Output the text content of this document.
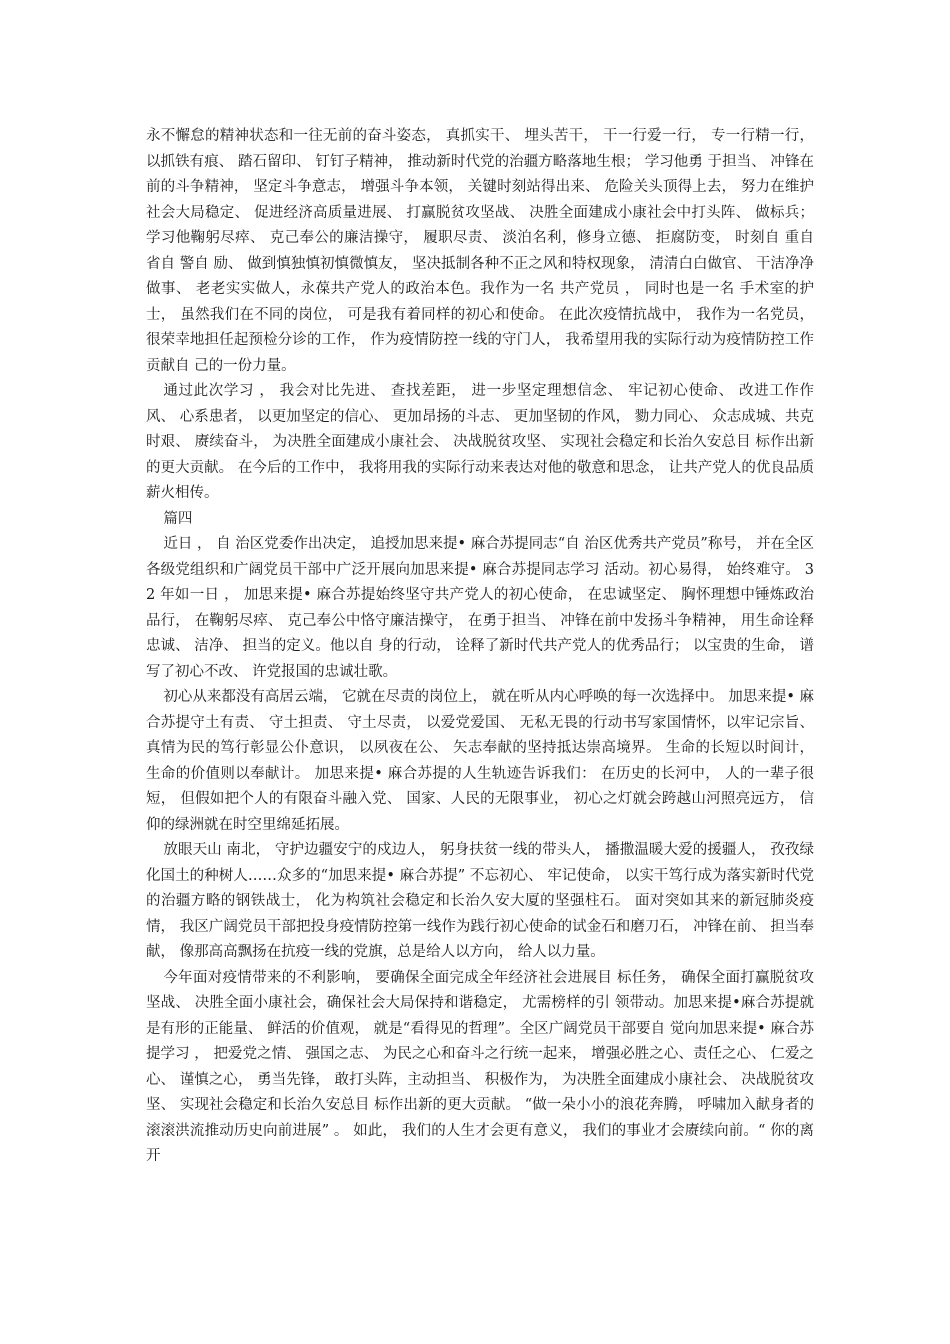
永不懈怠的精神状态和一往无前的奋斗姿态， 真抓实干、 埋头苦干， 干一行爱一行， 专一行精一行， 以抓铁有痕、 踏石留印、 钉钉子精神， 推动新时代党的治疆方略落地生根； 学习他勇 于担当、 冲锋在前的斗争精神， 坚定斗争意志， 增强斗争本领， 关键时刻站得出来、 危险关头顶得上去， 努力在维护社会大局稳定、 促进经济高质量进展、 打赢脱贫攻坚战、 决胜全面建成小康社会中打头阵、 做标兵；学习他鞠躬尽瘁、 克己奉公的廉洁操守， 履职尽责、 淡泊名利，修身立德、 拒腐防变， 时刻自 重自 省自 警自 励、 做到慎独慎初慎微慎友， 坚决抵制各种不正之风和特权现象， 清清白白做官、 干洁净净做事、 老老实实做人，永葆共产党人的政治本色。我作为一名 共产党员 ， 同时也是一名 手术室的护士， 虽然我们在不同的岗位， 可是我有着同样的初心和使命。 在此次疫情抗战中， 我作为一名党员， 很荣幸地担任起预检分诊的工作， 作为疫情防控一线的守门人， 我希望用我的实际行动为疫情防控工作贡献自 己的一份力量。

通过此次学习 ， 我会对比先进、 查找差距， 进一步坚定理想信念、 牢记初心使命、 改进工作作风、 心系患者， 以更加坚定的信心、 更加昂扬的斗志、 更加坚韧的作风， 勠力同心、 众志成城、共克时艰、 赓续奋斗， 为决胜全面建成小康社会、 决战脱贫攻坚、 实现社会稳定和长治久安总目 标作出新的更大贡献。 在今后的工作中， 我将用我的实际行动来表达对他的敬意和思念， 让共产党人的优良品质薪火相传。

篇四

近日 ， 自 治区党委作出决定， 追授加思来提• 麻合苏提同志“自 治区优秀共产党员”称号， 并在全区各级党组织和广阔党员干部中广泛开展向加思来提• 麻合苏提同志学习 活动。初心易得， 始终难守。 32 年如一日 ， 加思来提• 麻合苏提始终坚守共产党人的初心使命， 在忠诚坚定、 胸怀理想中锤炼政治品行， 在鞠躬尽瘁、 克己奉公中恪守廉洁操守， 在勇于担当、 冲锋在前中发扬斗争精神， 用生命诠释忠诚、 洁净、 担当的定义。他以自 身的行动， 诠释了新时代共产党人的优秀品行； 以宝贵的生命， 谱写了初心不改、 许党报国的忠诚壮歌。

初心从来都没有高居云端， 它就在尽责的岗位上， 就在听从内心呼唤的每一次选择中。 加思来提• 麻合苏提守土有责、 守土担责、 守土尽责， 以爱党爱国、 无私无畏的行动书写家国情怀，以牢记宗旨、 真情为民的笃行彰显公仆意识， 以夙夜在公、 矢志奉献的坚持抵达崇高境界。 生命的长短以时间计， 生命的价值则以奉献计。 加思来提• 麻合苏提的人生轨迹告诉我们： 在历史的长河中， 人的一辈子很短， 但假如把个人的有限奋斗融入党、 国家、人民的无限事业， 初心之灯就会跨越山河照亮远方， 信仰的绿洲就在时空里绵延拓展。

放眼天山 南北， 守护边疆安宁的戍边人， 躬身扶贫一线的带头人， 播撒温暖大爱的援疆人， 孜孜绿化国土的种树人……众多的“加思来提• 麻合苏提” 不忘初心、 牢记使命， 以实干笃行成为落实新时代党的治疆方略的钢铁战士， 化为构筑社会稳定和长治久安大厦的坚强柱石。 面对突如其来的新冠肺炎疫情， 我区广阔党员干部把投身疫情防控第一线作为践行初心使命的试金石和磨刀石， 冲锋在前、 担当奉献， 像那高高飘扬在抗疫一线的党旗，总是给人以方向， 给人以力量。

今年面对疫情带来的不利影响， 要确保全面完成全年经济社会进展目 标任务， 确保全面打赢脱贫攻坚战、 决胜全面小康社会，确保社会大局保持和谐稳定， 尤需榜样的引 领带动。加思来提•麻合苏提就是有形的正能量、 鲜活的价值观， 就是“看得见的哲理”。全区广阔党员干部要自 觉向加思来提• 麻合苏提学习 ， 把爱党之情、 强国之志、 为民之心和奋斗之行统一起来， 增强必胜之心、责任之心、 仁爱之心、 谨慎之心， 勇当先锋， 敢打头阵，主动担当、 积极作为， 为决胜全面建成小康社会、 决战脱贫攻坚、 实现社会稳定和长治久安总目 标作出新的更大贡献。 “做一朵小小的浪花奔腾， 呼啸加入献身者的滚滚洪流推动历史向前进展” 。 如此， 我们的人生才会更有意义， 我们的事业才会赓续向前。“ 你的离开
